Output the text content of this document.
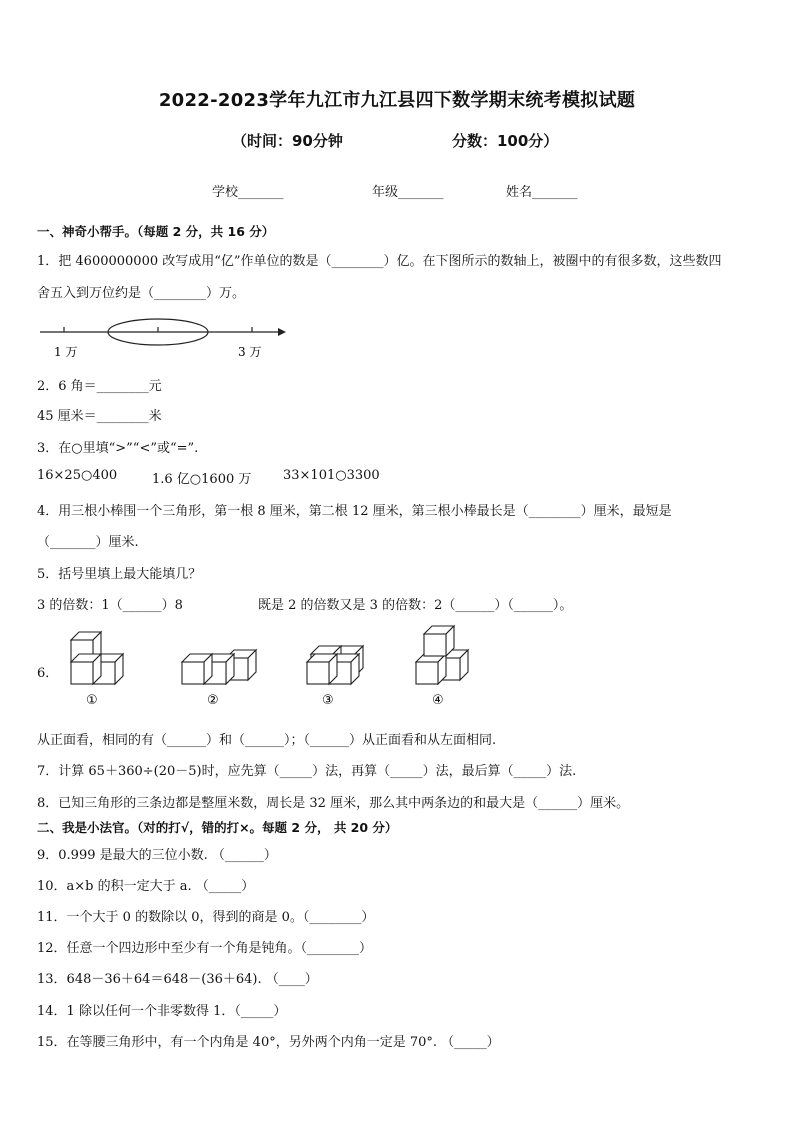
2022-2023学年九江市九江县四下数学期末统考模拟试题
（时间：90分钟	分数：100分）
学校_______	年级_______	姓名_______
一、神奇小帮手。（每题 2 分，共 16 分）
1．把 4600000000 改写成用“亿”作单位的数是（________）亿。在下图所示的数轴上，被圈中的有很多数，这些数四
舍五入到万位约是（________）万。
1 万	3 万
2．6 角＝________元
45 厘米＝________米
3．在○里填“>”“<”或“=”.
16×25○400	1.6 亿○1600 万 33×101○3300
4．用三根小棒围一个三角形，第一根 8 厘米，第二根 12 厘米，第三根小棒最长是（________）厘米，最短是
（_______）厘米.
5．括号里填上最大能填几？
3 的倍数：1（______）8	既是 2 的倍数又是 3 的倍数：2（______）（______）。
6．
①	②	③	④
从正面看，相同的有（______）和（______）；（______）从正面看和从左面相同.
7．计算 65＋360÷(20－5)时，应先算（_____）法，再算（_____）法，最后算（_____）法.
8．已知三角形的三条边都是整厘米数，周长是 32 厘米，那么其中两条边的和最大是（______）厘米。
二、我是小法官。（对的打√，错的打×。每题 2 分， 共 20 分）
9．0.999 是最大的三位小数. （______）
10．a×b 的积一定大于 a. （_____）
11．一个大于 0 的数除以 0，得到的商是 0。（________）
12．任意一个四边形中至少有一个角是钝角。（________）
13．648－36＋64＝648－(36＋64). （____）
14．1 除以任何一个非零数得 1．（_____）
15．在等腰三角形中，有一个内角是 40°，另外两个内角一定是 70°. （_____）
